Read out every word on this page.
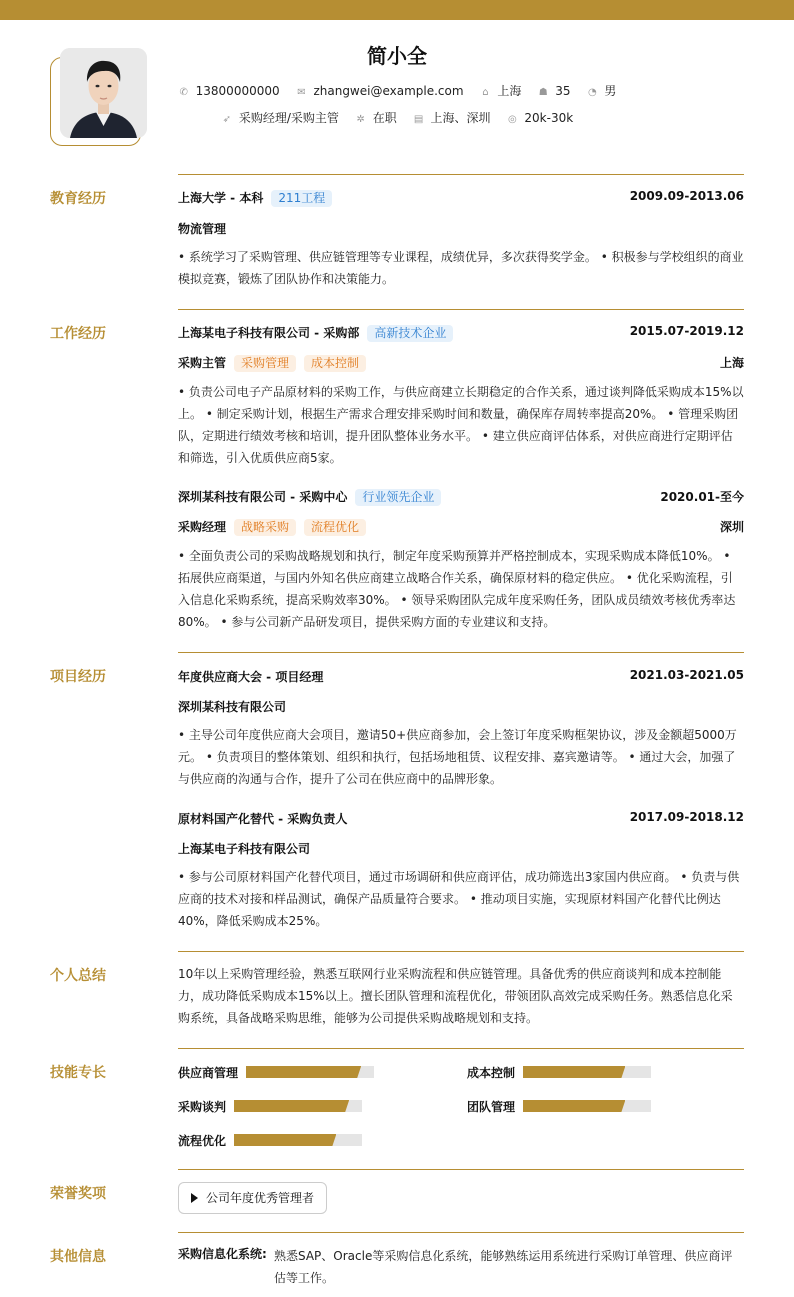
简小全
✆ 13800000000 ✉ zhangwei@example.com ⌂ 上海 ☗ 35 ◔ 男
➶ 采购经理/采购主管 ✲ 在职 ▤ 上海、深圳 ◎ 20k-30k
教育经历	上海大学 - 本科 211工程	2009.09-2013.06
物流管理
• 系统学习了采购管理、供应链管理等专业课程，成绩优异，多次获得奖学金。 • 积极参与学校组织的商业模拟竞赛，锻炼了团队协作和决策能力。
工作经历	上海某电子科技有限公司 - 采购部 高新技术企业	2015.07-2019.12
采购主管 采购管理 成本控制	上海
• 负责公司电子产品原材料的采购工作，与供应商建立长期稳定的合作关系，通过谈判降低采购成本15%以上。 • 制定采购计划，根据生产需求合理安排采购时间和数量，确保库存周转率提高20%。 • 管理采购团队，定期进行绩效考核和培训，提升团队整体业务水平。 • 建立供应商评估体系，对供应商进行定期评估和筛选，引入优质供应商5家。
深圳某科技有限公司 - 采购中心 行业领先企业	2020.01-至今
采购经理 战略采购 流程优化	深圳
• 全面负责公司的采购战略规划和执行，制定年度采购预算并严格控制成本，实现采购成本降低10%。 • 拓展供应商渠道，与国内外知名供应商建立战略合作关系，确保原材料的稳定供应。 • 优化采购流程，引入信息化采购系统，提高采购效率30%。 • 领导采购团队完成年度采购任务，团队成员绩效考核优秀率达80%。 • 参与公司新产品研发项目，提供采购方面的专业建议和支持。
项目经历	年度供应商大会 - 项目经理	2021.03-2021.05
深圳某科技有限公司
• 主导公司年度供应商大会项目，邀请50+供应商参加，会上签订年度采购框架协议，涉及金额超5000万元。 • 负责项目的整体策划、组织和执行，包括场地租赁、议程安排、嘉宾邀请等。 • 通过大会，加强了与供应商的沟通与合作，提升了公司在供应商中的品牌形象。
原材料国产化替代 - 采购负责人	2017.09-2018.12
上海某电子科技有限公司
• 参与公司原材料国产化替代项目，通过市场调研和供应商评估，成功筛选出3家国内供应商。 • 负责与供应商的技术对接和样品测试，确保产品质量符合要求。 • 推动项目实施，实现原材料国产化替代比例达40%，降低采购成本25%。
个人总结	10年以上采购管理经验，熟悉互联网行业采购流程和供应链管理。具备优秀的供应商谈判和成本控制能力，成功降低采购成本15%以上。擅长团队管理和流程优化，带领团队高效完成采购任务。熟悉信息化采购系统，具备战略采购思维，能够为公司提供采购战略规划和支持。
技能专长	供应商管理	成本控制
采购谈判	团队管理
流程优化
荣誉奖项	公司年度优秀管理者
其他信息	采购信息化系统: 熟悉SAP、Oracle等采购信息化系统，能够熟练运用系统进行采购订单管理、供应商评估等工作。
